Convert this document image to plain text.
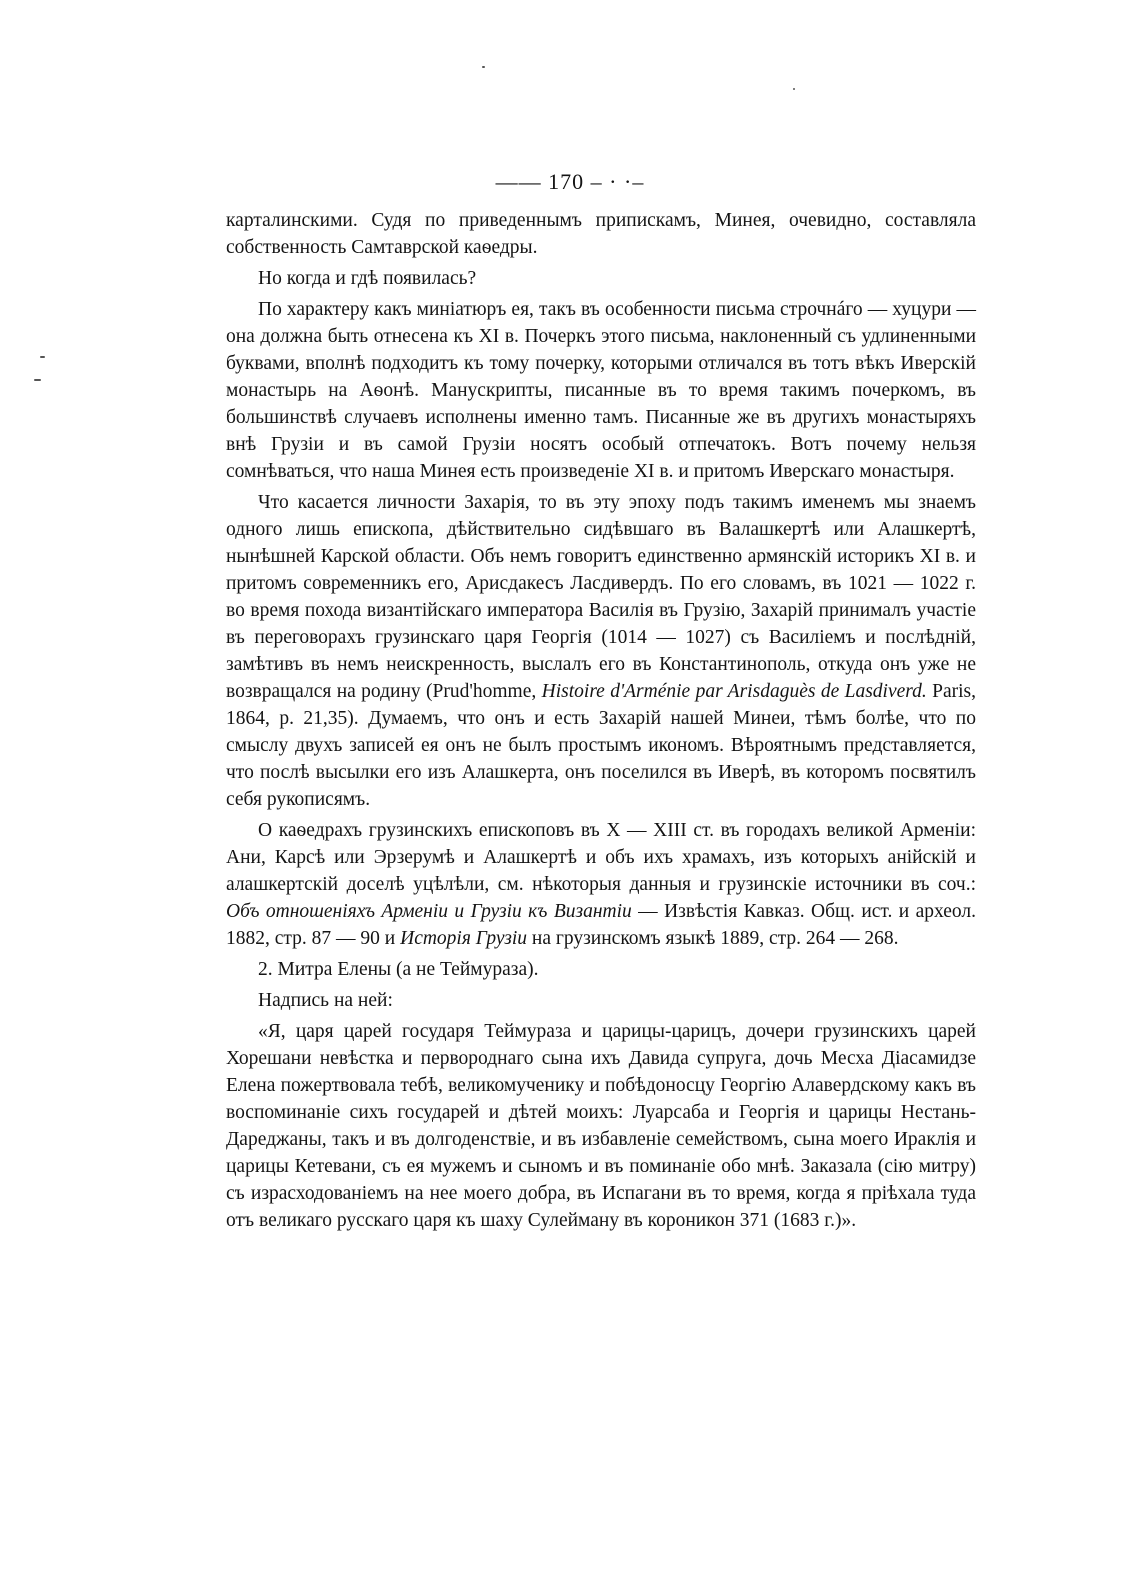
—— 170 – · ·–

карталинскими. Судя по приведеннымъ припискамъ, Минея, очевидно, составляла собственность Самтаврской каѳедры.

Но когда и гдѣ появилась?

По характеру какъ миніатюръ ея, такъ въ особенности письма строчнáго — хуцури — она должна быть отнесена къ XI в. Почеркъ этого письма, наклоненный съ удлиненными буквами, вполнѣ подходитъ къ тому почерку, которыми отличался въ тотъ вѣкъ Иверскій монастырь на Аѳонѣ. Манускрипты, писанные въ то время такимъ почеркомъ, въ большинствѣ случаевъ исполнены именно тамъ. Писанные же въ другихъ монастыряхъ внѣ Грузіи и въ самой Грузіи носятъ особый отпечатокъ. Вотъ почему нельзя сомнѣваться, что наша Минея есть произведеніе XI в. и притомъ Иверскаго монастыря.

Что касается личности Захарія, то въ эту эпоху подъ такимъ именемъ мы знаемъ одного лишь епископа, дѣйствительно сидѣвшаго въ Валашкертѣ или Алашкертѣ, нынѣшней Карской области. Объ немъ говоритъ единственно армянскій историкъ XI в. и притомъ современникъ его, Арисдакесъ Ласдивердъ. По его словамъ, въ 1021 — 1022 г. во время похода византійскаго императора Василія въ Грузію, Захарій принималъ участіе въ переговорахъ грузинскаго царя Георгія (1014 — 1027) съ Василіемъ и послѣдній, замѣтивъ въ немъ неискренность, выслалъ его въ Константинополь, откуда онъ уже не возвращался на родину (Prud'homme, Histoire d'Arménie par Arisdaguès de Lasdiverd. Paris, 1864, p. 21,35). Думаемъ, что онъ и есть Захарій нашей Минеи, тѣмъ болѣе, что по смыслу двухъ записей ея онъ не былъ простымъ икономъ. Вѣроятнымъ представляется, что послѣ высылки его изъ Алашкерта, онъ поселился въ Иверѣ, въ которомъ посвятилъ себя рукописямъ.

О каѳедрахъ грузинскихъ епископовъ въ X — XIII ст. въ городахъ великой Арменіи: Ани, Карсѣ или Эрзерумѣ и Алашкертѣ и объ ихъ храмахъ, изъ которыхъ анійскій и алашкертскій доселѣ уцѣлѣли, см. нѣкоторыя данныя и грузинскіе источники въ соч.: Объ отношеніяхъ Арменіи и Грузіи къ Византіи — Извѣстія Кавказ. Общ. ист. и археол. 1882, стр. 87 — 90 и Исторія Грузіи на грузинскомъ языкѣ 1889, стр. 264 — 268.

2. Митра Елены (а не Теймураза).

Надпись на ней:

«Я, царя царей государя Теймураза и царицы-царицъ, дочери грузинскихъ царей Хорешани невѣстка и первороднаго сына ихъ Давида супруга, дочь Месха Діасамидзе Елена пожертвовала тебѣ, великомученику и побѣдоносцу Георгію Алавердскому какъ въ воспоминаніе сихъ государей и дѣтей моихъ: Луарсаба и Георгія и царицы Нестань-Дареджаны, такъ и въ долгоденствіе, и въ избавленіе семействомъ, сына моего Ираклія и царицы Кетевани, съ ея мужемъ и сыномъ и въ поминаніе обо мнѣ. Заказала (сію митру) съ израсходованіемъ на нее моего добра, въ Испагани въ то время, когда я пріѣхала туда отъ великаго русскаго царя къ шаху Сулейману въ короникон 371 (1683 г.)».
